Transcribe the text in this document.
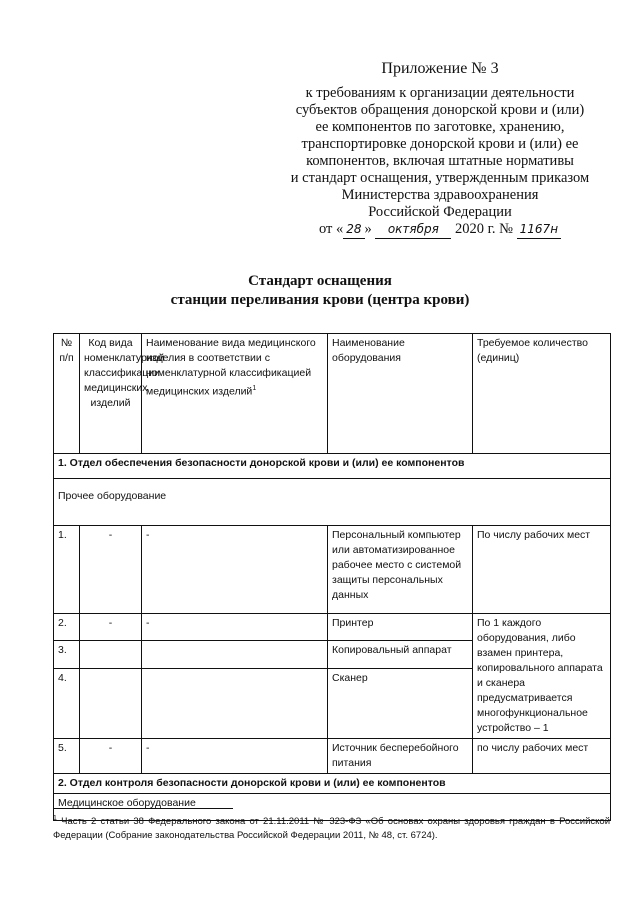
Приложение № 3
к требованиям к организации деятельности
субъектов обращения донорской крови и (или)
ее компонентов по заготовке, хранению,
транспортировке донорской крови и (или) ее
компонентов, включая штатные нормативы
и стандарт оснащения, утвержденным приказом
Министерства здравоохранения
Российской Федерации
от « 28 » октября 2020 г. № 1167н
Стандарт оснащения
станции переливания крови (центра крови)
№ п/п	Код вида номенклатурной классификации медицинских изделий	Наименование вида медицинского изделия в соответствии с номенклатурной классификацией медицинских изделий$^1$	Наименование оборудования	Требуемое количество (единиц)
1. Отдел обеспечения безопасности донорской крови и (или) ее компонентов				
Прочее оборудование				
1.	-	-	Персональный компьютер или автоматизированное рабочее место с системой защиты персональных данных	По числу рабочих мест
2.	-	-	Принтер	По 1 каждого оборудования, либо взамен принтера, копировального аппарата и сканера предусматривается многофункциональное устройство – 1
3.			Копировальный аппарат	
4.			Сканер	
5.	-	-	Источник бесперебойного питания	по числу рабочих мест
2. Отдел контроля безопасности донорской крови и (или) ее компонентов				
Медицинское оборудование				
$^1$ Часть 2 статьи 38 Федерального закона от 21.11.2011 № 323-ФЗ «Об основах охраны здоровья граждан в Российской Федерации (Собрание законодательства Российской Федерации 2011, № 48, ст. 6724).
